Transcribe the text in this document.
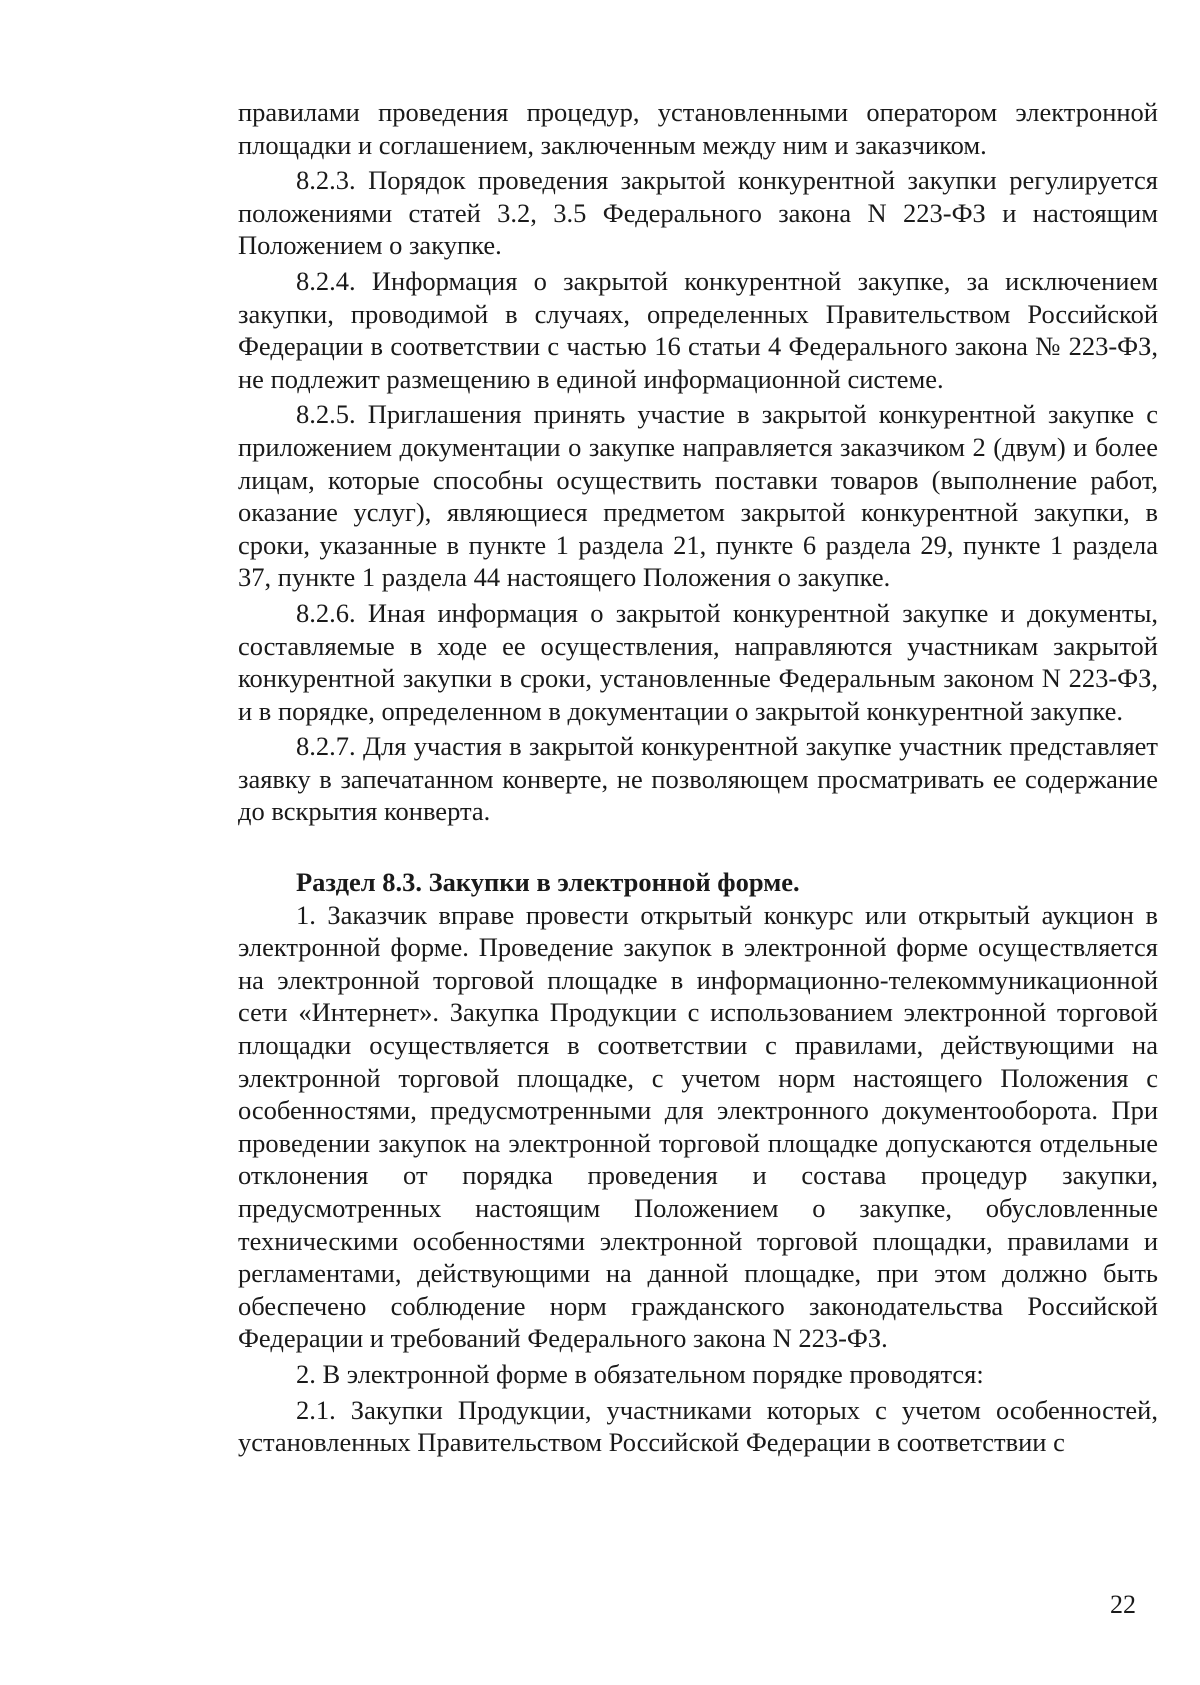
правилами проведения процедур, установленными оператором электронной площадки и соглашением, заключенным между ним и заказчиком.

8.2.3. Порядок проведения закрытой конкурентной закупки регулируется положениями статей 3.2, 3.5 Федерального закона N 223-ФЗ и настоящим Положением о закупке.

8.2.4. Информация о закрытой конкурентной закупке, за исключением закупки, проводимой в случаях, определенных Правительством Российской Федерации в соответствии с частью 16 статьи 4 Федерального закона № 223-ФЗ, не подлежит размещению в единой информационной системе.

8.2.5. Приглашения принять участие в закрытой конкурентной закупке с приложением документации о закупке направляется заказчиком 2 (двум) и более лицам, которые способны осуществить поставки товаров (выполнение работ, оказание услуг), являющиеся предметом закрытой конкурентной закупки, в сроки, указанные в пункте 1 раздела 21, пункте 6 раздела 29, пункте 1 раздела 37, пункте 1 раздела 44 настоящего Положения о закупке.

8.2.6. Иная информация о закрытой конкурентной закупке и документы, составляемые в ходе ее осуществления, направляются участникам закрытой конкурентной закупки в сроки, установленные Федеральным законом N 223-ФЗ, и в порядке, определенном в документации о закрытой конкурентной закупке.

8.2.7. Для участия в закрытой конкурентной закупке участник представляет заявку в запечатанном конверте, не позволяющем просматривать ее содержание до вскрытия конверта.

Раздел 8.3. Закупки в электронной форме.

1. Заказчик вправе провести открытый конкурс или открытый аукцион в электронной форме. Проведение закупок в электронной форме осуществляется на электронной торговой площадке в информационно-телекоммуникационной сети «Интернет». Закупка Продукции с использованием электронной торговой площадки осуществляется в соответствии с правилами, действующими на электронной торговой площадке, с учетом норм настоящего Положения с особенностями, предусмотренными для электронного документооборота. При проведении закупок на электронной торговой площадке допускаются отдельные отклонения от порядка проведения и состава процедур закупки, предусмотренных настоящим Положением о закупке, обусловленные техническими особенностями электронной торговой площадки, правилами и регламентами, действующими на данной площадке, при этом должно быть обеспечено соблюдение норм гражданского законодательства Российской Федерации и требований Федерального закона N 223-ФЗ.

2. В электронной форме в обязательном порядке проводятся:

2.1. Закупки Продукции, участниками которых с учетом особенностей, установленных Правительством Российской Федерации в соответствии с

22
